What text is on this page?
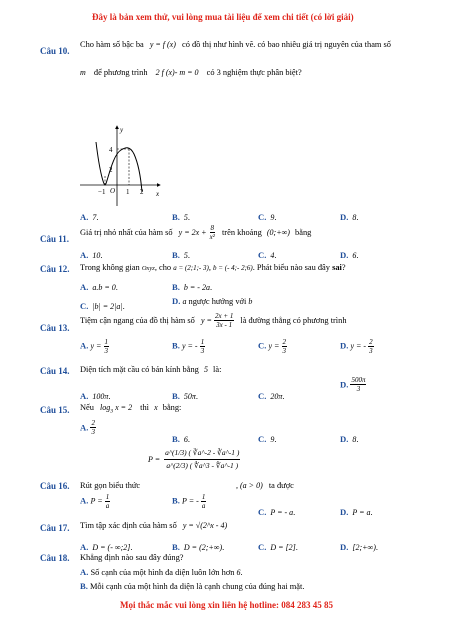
Đây là bản xem thử, vui lòng mua tài liệu để xem chi tiết (có lời giải)
Câu 10.
Cho hàm số bậc ba y = f (x) có đồ thị như hình vẽ. có bao nhiêu giá trị nguyên của tham số
m để phương trình 2 f (x)- m = 0 có 3 nghiệm thực phân biệt?
y
x
O
4
2
−1	1 2
A. 7.	B. 5.	C. 9.	D. 8.
Câu 11.
Giá trị nhỏ nhất của hàm số $y = 2x + \frac{8}{\text{x²}}$ trên khoảng (0;+∞) bằng
A. 10.	B. 5.	C. 4.	D. 6.
Câu 12. Trong không gian Oxyz, cho a = (2;1;- 3), b = (- 4;- 2;6). Phát biểu nào sau đây sai?
A. a.b = 0.	B. b = - 2a.
C. |b| = 2|a|.
D. a ngược hướng với b
Câu 13.
Tiệm cận ngang của đồ thị hàm số $y = \frac{2x + 1}{3x - 1}$ là đường thẳng có phương trình
A. $y = \frac{1}{3}$	B. y = - $\frac{1}{3}$	C. $y = \frac{2}{3}$	D. y = - $\frac{2}{3}$
Câu 14. Diện tích mặt cầu có bán kính bằng 5 là:
A. 100π.	B. 50π.	C. 20π.
D. $\frac{500\pi}{3}$
Câu 15. Nếu $\log_3 x = 2$ thì x bằng:
A. $\frac{2}{3}$
B. 6.	C. 9.	D. 8.
Câu 16. Rút gọn biểu thức
$P = \frac{a\^{}(1/3) ( ∛a\^{}-2 - ∛a\^{}-1 )}{a\^{}(2/3) ( ∜a\^{}3 - ∜a\^{}-1 )}$
, (a > 0) ta được
A. $P = \frac{1}{a}$	B. P = - $\frac{1}{a}$
C. P = - a.	D. P = a.
Câu 17. Tìm tập xác định của hàm số y = √(2^x - 4)
A. D = (- ∞;2].	B. D = (2;+∞).	C. D = [2].	D. [2;+∞).
Câu 18. Khẳng định nào sau đây đúng?
A. Số cạnh của một hình đa diện luôn lớn hơn 6.
B. Mỗi cạnh của một hình đa diện là cạnh chung của đúng hai mặt.
Mọi thắc mắc vui lòng xin liên hệ hotline: 084 283 45 85
